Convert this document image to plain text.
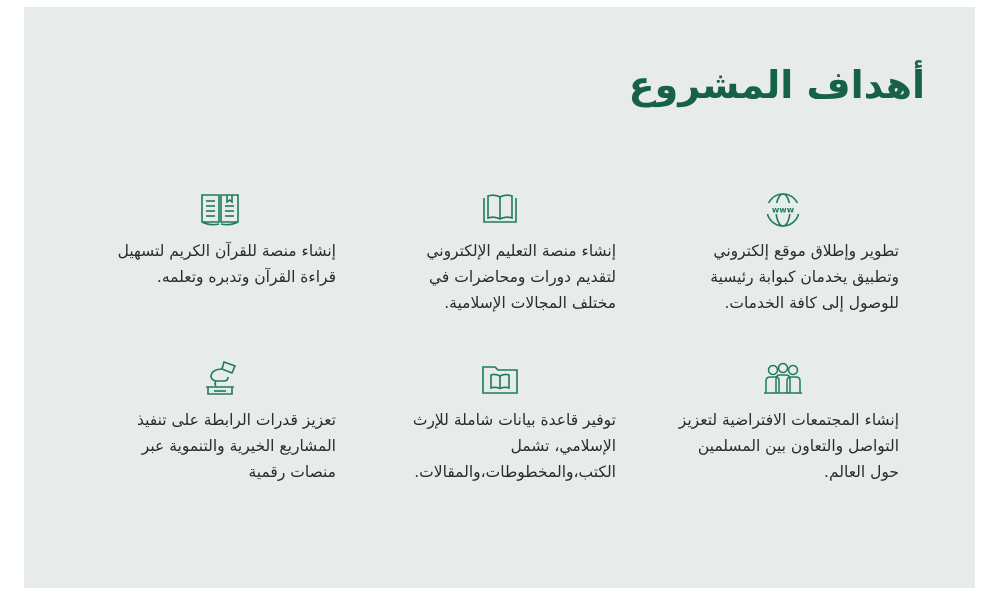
أهداف المشروع
www
تطوير وإطلاق موقع إلكتروني وتطبيق يخدمان كبوابة رئيسية للوصول إلى كافة الخدمات.
إنشاء منصة التعليم الإلكتروني لتقديم دورات ومحاضرات في مختلف المجالات الإسلامية.
إنشاء منصة للقرآن الكريم لتسهيل قراءة القرآن وتدبره وتعلمه.
إنشاء المجتمعات الافتراضية لتعزيز التواصل والتعاون بين المسلمين حول العالم.
توفير قاعدة بيانات شاملة للإرث الإسلامي، تشمل الكتب،والمخطوطات،والمقالات.
تعزيز قدرات الرابطة على تنفيذ المشاريع الخيرية والتنموية عبر منصات رقمية
